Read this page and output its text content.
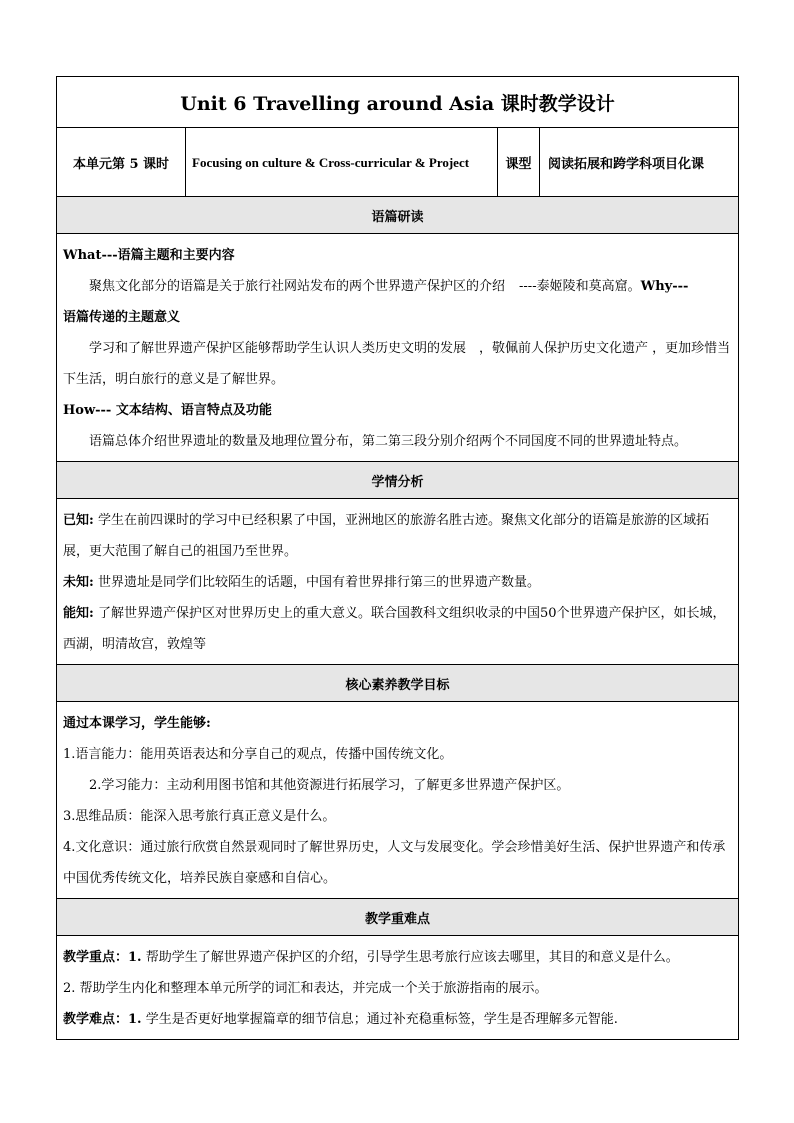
Unit 6 Travelling around Asia 课时教学设计
本单元第 5 课时	Focusing on culture & Cross-curricular & Project	课型	阅读拓展和跨学科项目化课
语篇研读

What---语篇主题和主要内容

聚焦文化部分的语篇是关于旅行社网站发布的两个世界遗产保护区的介绍 ----泰姬陵和莫高窟。Why---

语篇传递的主题意义

学习和了解世界遗产保护区能够帮助学生认识人类历史文明的发展　，敬佩前人保护历史文化遗产 ，更加珍惜当下生活，明白旅行的意义是了解世界。

How--- 文本结构、语言特点及功能

语篇总体介绍世界遗址的数量及地理位置分布，第二第三段分别介绍两个不同国度不同的世界遗址特点。

学情分析

已知: 学生在前四课时的学习中已经积累了中国，亚洲地区的旅游名胜古迹。聚焦文化部分的语篇是旅游的区域拓展，更大范围了解自己的祖国乃至世界。

未知: 世界遗址是同学们比较陌生的话题，中国有着世界排行第三的世界遗产数量。

能知: 了解世界遗产保护区对世界历史上的重大意义。联合国教科文组织收录的中国50个世界遗产保护区，如长城，西湖，明清故宫，敦煌等

核心素养教学目标

通过本课学习，学生能够:

1.语言能力：能用英语表达和分享自己的观点，传播中国传统文化。

2.学习能力：主动利用图书馆和其他资源进行拓展学习，了解更多世界遗产保护区。

3.思维品质：能深入思考旅行真正意义是什么。

4.文化意识：通过旅行欣赏自然景观同时了解世界历史，人文与发展变化。学会珍惜美好生活、保护世界遗产和传承中国优秀传统文化，培养民族自豪感和自信心。

教学重难点

教学重点：1. 帮助学生了解世界遗产保护区的介绍，引导学生思考旅行应该去哪里，其目的和意义是什么。

2. 帮助学生内化和整理本单元所学的词汇和表达，并完成一个关于旅游指南的展示。

教学难点：1. 学生是否更好地掌握篇章的细节信息；通过补充稳重标签，学生是否理解多元智能.
